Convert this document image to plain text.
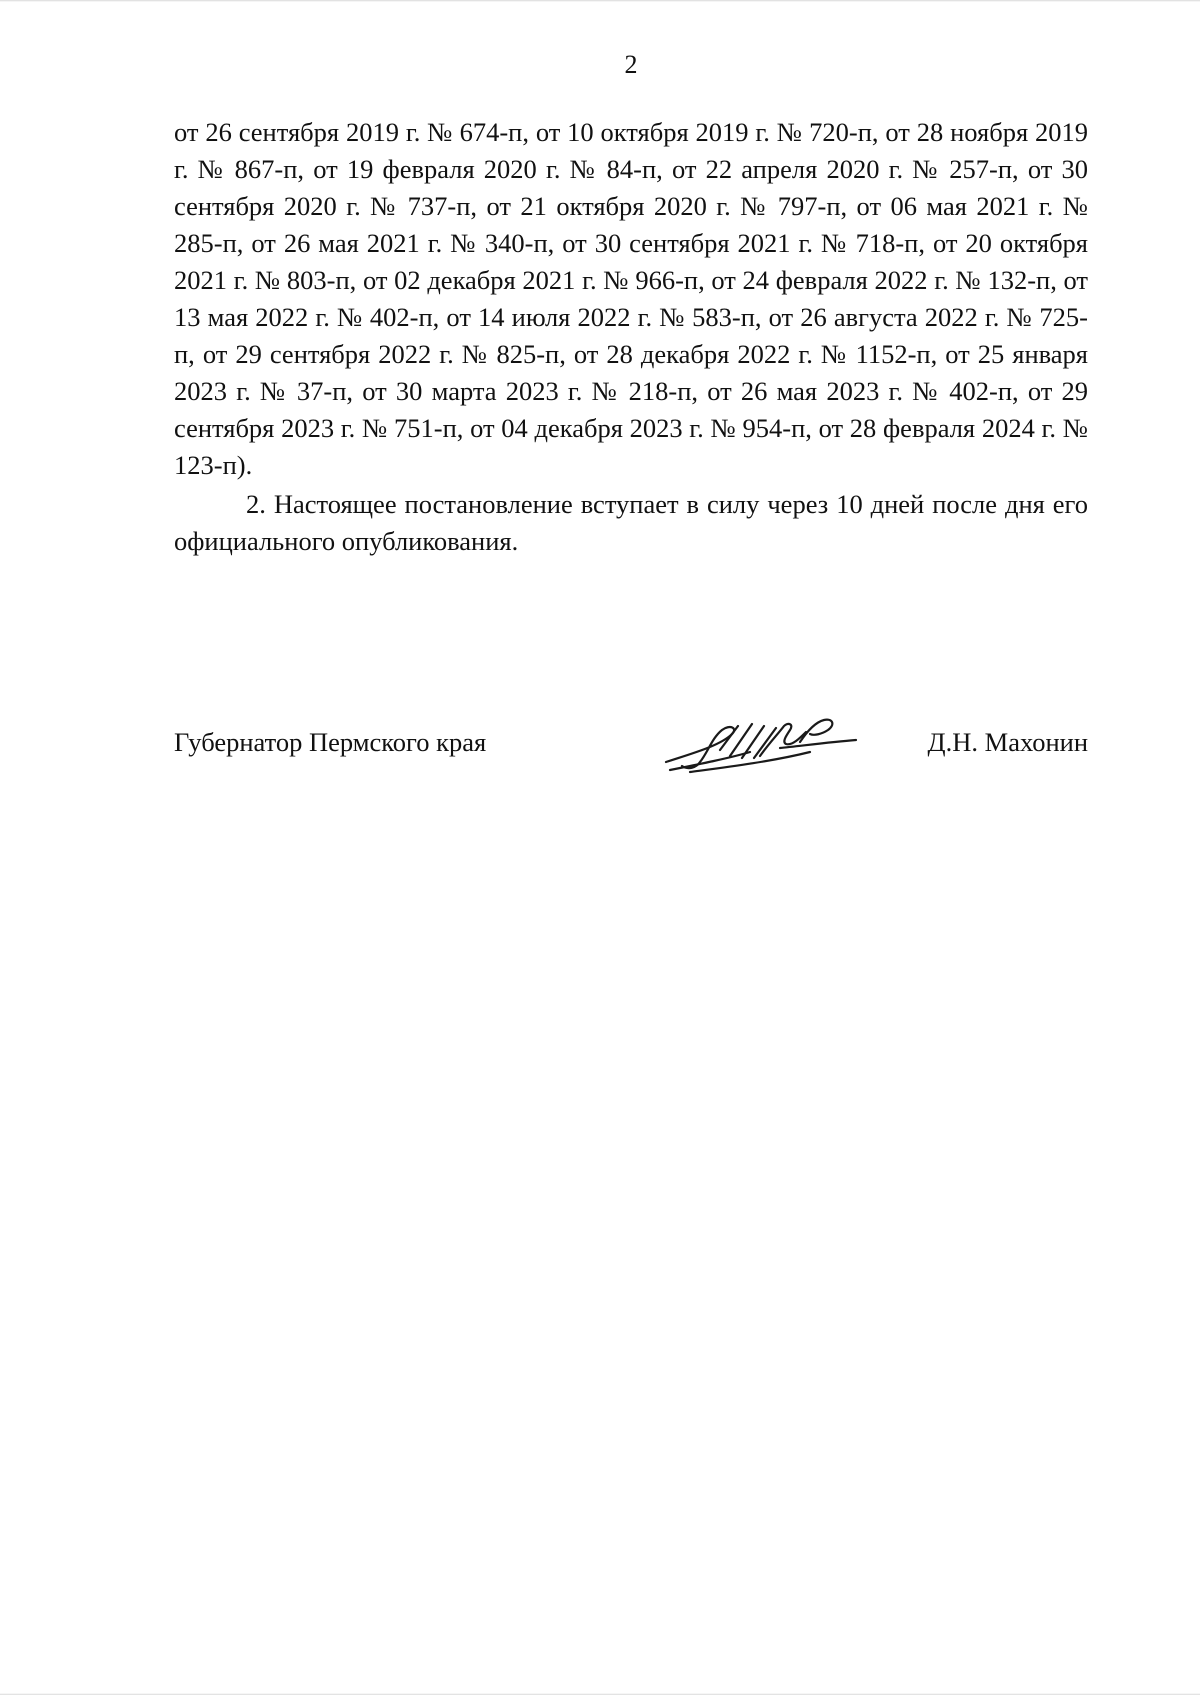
2

от 26 сентября 2019 г. № 674-п, от 10 октября 2019 г. № 720-п, от 28 ноября 2019 г. № 867-п, от 19 февраля 2020 г. № 84-п, от 22 апреля 2020 г. № 257-п, от 30 сентября 2020 г. № 737-п, от 21 октября 2020 г. № 797-п, от 06 мая 2021 г. № 285-п, от 26 мая 2021 г. № 340-п, от 30 сентября 2021 г. № 718-п, от 20 октября 2021 г. № 803-п, от 02 декабря 2021 г. № 966-п, от 24 февраля 2022 г. № 132-п, от 13 мая 2022 г. № 402-п, от 14 июля 2022 г. № 583-п, от 26 августа 2022 г. № 725-п, от 29 сентября 2022 г. № 825-п, от 28 декабря 2022 г. № 1152-п, от 25 января 2023 г. № 37-п, от 30 марта 2023 г. № 218-п, от 26 мая 2023 г. № 402-п, от 29 сентября 2023 г. № 751-п, от 04 декабря 2023 г. № 954-п, от 28 февраля 2024 г. № 123-п).

2. Настоящее постановление вступает в силу через 10 дней после дня его официального опубликования.

Губернатор Пермского края	Д.Н. Махонин
